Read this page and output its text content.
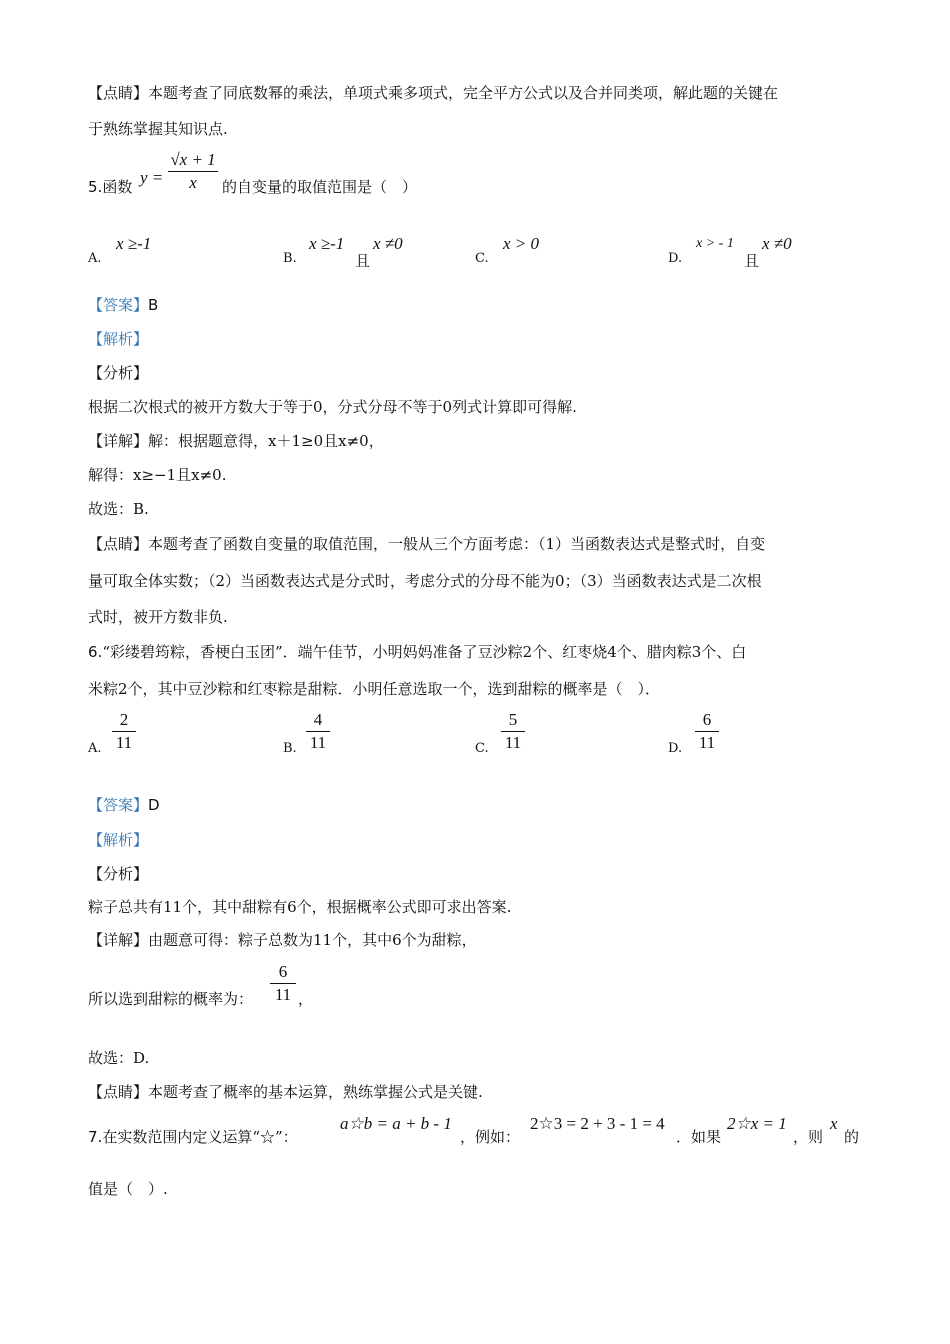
【点睛】本题考查了同底数幂的乘法，单项式乘多项式，完全平方公式以及合并同类项，解此题的关键在
于熟练掌握其知识点.
5.函数 y =
√x + 1
x	的自变量的取值范围是（　）
A.
x ≥-1
B.
x ≥-1
且
x ≠0
C.
x > 0
D.
x > - 1
且
x ≠0
【答案】B
【解析】
【分析】
根据二次根式的被开方数大于等于0，分式分母不等于0列式计算即可得解.
【详解】解：根据题意得，x＋1≥0且x≠0，
解得：x≥−1且x≠0.
故选：B.
【点睛】本题考查了函数自变量的取值范围，一般从三个方面考虑：（1）当函数表达式是整式时，自变
量可取全体实数；（2）当函数表达式是分式时，考虑分式的分母不能为0；（3）当函数表达式是二次根
式时，被开方数非负.
6.“彩缕碧筠粽，香梗白玉团”．端午佳节，小明妈妈准备了豆沙粽2个、红枣烧4个、腊肉粽3个、白
米粽2个，其中豆沙粽和红枣粽是甜粽．小明任意选取一个，选到甜粽的概率是（　）．
A.
2
11	B.
4
11	C.
5
11	D.
6
11
【答案】D
【解析】
【分析】
粽子总共有11个，其中甜粽有6个，根据概率公式即可求出答案.
【详解】由题意可得：粽子总数为11个，其中6个为甜粽，
所以选到甜粽的概率为：
6
11 ，
故选：D.
【点睛】本题考查了概率的基本运算，熟练掌握公式是关键.
7.在实数范围内定义运算“☆”：
a☆b = a + b - 1
，例如：
2☆3 = 2 + 3 - 1 = 4
．如果
2☆x = 1
，则
x
的
值是（　）.
